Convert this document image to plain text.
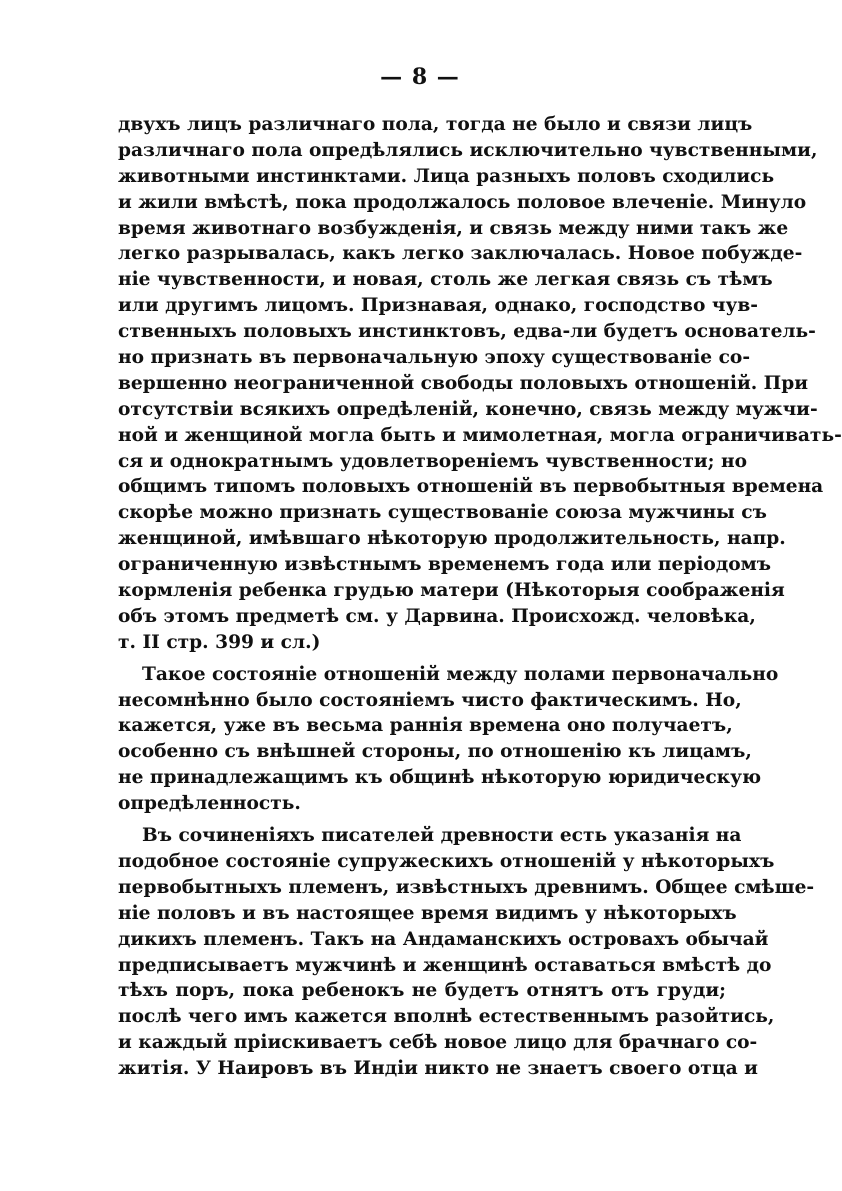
— 8 —
двухъ лицъ различнаго пола, тогда не было и связи лицъ
различнаго пола опредѣлялись исключительно чувственными,
животными инстинктами. Лица разныхъ половъ сходились
и жили вмѣстѣ, пока продолжалось половое влеченіе. Минуло
время животнаго возбужденія, и связь между ними такъ же
легко разрывалась, какъ легко заключалась. Новое побужде-
ніе чувственности, и новая, столь же легкая связь съ тѣмъ
или другимъ лицомъ. Признавая, однако, господство чув-
ственныхъ половыхъ инстинктовъ, едва-ли будетъ основатель-
но признать въ первоначальную эпоху существованіе со-
вершенно неограниченной свободы половыхъ отношеній. При
отсутствіи всякихъ опредѣленій, конечно, связь между мужчи-
ной и женщиной могла быть и мимолетная, могла ограничивать-
ся и однократнымъ удовлетвореніемъ чувственности; но
общимъ типомъ половыхъ отношеній въ первобытныя времена
скорѣе можно признать существованіе союза мужчины съ
женщиной, имѣвшаго нѣкоторую продолжительность, напр.
ограниченную извѣстнымъ временемъ года или періодомъ
кормленія ребенка грудью матери (Нѣкоторыя соображенія
объ этомъ предметѣ см. у Дарвина. Происхожд. человѣка,
т. II стр. 399 и сл.)
Такое состояніе отношеній между полами первоначально
несомнѣнно было состояніемъ чисто фактическимъ. Но,
кажется, уже въ весьма раннія времена оно получаетъ,
особенно съ внѣшней стороны, по отношенію къ лицамъ,
не принадлежащимъ къ общинѣ нѣкоторую юридическую
опредѣленность.
Въ сочиненіяхъ писателей древности есть указанія на
подобное состояніе супружескихъ отношеній у нѣкоторыхъ
первобытныхъ племенъ, извѣстныхъ древнимъ. Общее смѣше-
ніе половъ и въ настоящее время видимъ у нѣкоторыхъ
дикихъ племенъ. Такъ на Андаманскихъ островахъ обычай
предписываетъ мужчинѣ и женщинѣ оставаться вмѣстѣ до
тѣхъ поръ, пока ребенокъ не будетъ отнятъ отъ груди;
послѣ чего имъ кажется вполнѣ естественнымъ разойтись,
и каждый пріискиваетъ себѣ новое лицо для брачнаго со-
житія. У Наировъ въ Индіи никто не знаетъ своего отца и
